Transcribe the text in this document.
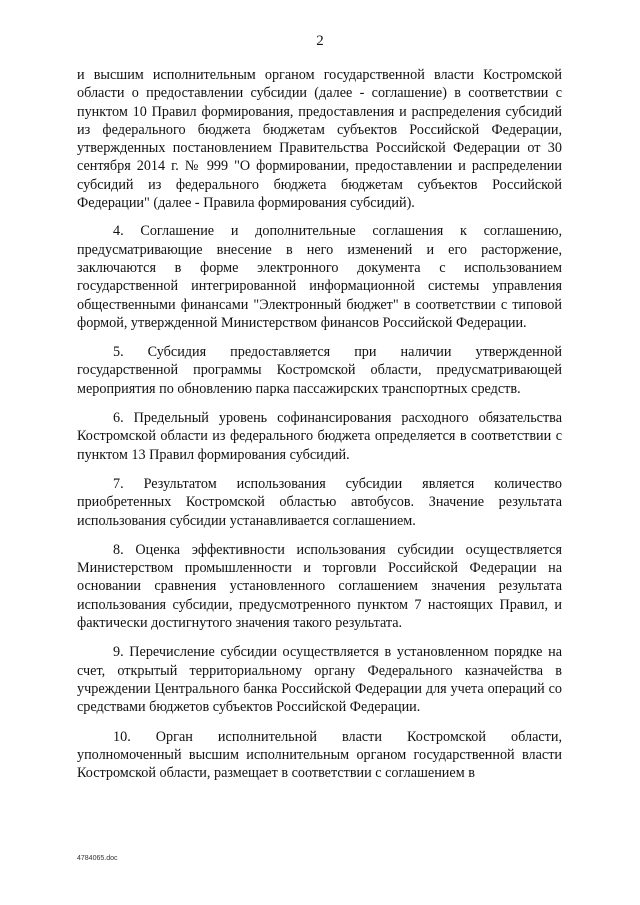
2

и высшим исполнительным органом государственной власти Костромской области о предоставлении субсидии (далее - соглашение) в соответствии с пунктом 10 Правил формирования, предоставления и распределения субсидий из федерального бюджета бюджетам субъектов Российской Федерации, утвержденных постановлением Правительства Российской Федерации от 30 сентября 2014 г. № 999 "О формировании, предоставлении и распределении субсидий из федерального бюджета бюджетам субъектов Российской Федерации" (далее - Правила формирования субсидий).

4. Соглашение и дополнительные соглашения к соглашению, предусматривающие внесение в него изменений и его расторжение, заключаются в форме электронного документа с использованием государственной интегрированной информационной системы управления общественными финансами "Электронный бюджет" в соответствии с типовой формой, утвержденной Министерством финансов Российской Федерации.

5. Субсидия предоставляется при наличии утвержденной государственной программы Костромской области, предусматривающей мероприятия по обновлению парка пассажирских транспортных средств.

6. Предельный уровень софинансирования расходного обязательства Костромской области из федерального бюджета определяется в соответствии с пунктом 13 Правил формирования субсидий.

7. Результатом использования субсидии является количество приобретенных Костромской областью автобусов. Значение результата использования субсидии устанавливается соглашением.

8. Оценка эффективности использования субсидии осуществляется Министерством промышленности и торговли Российской Федерации на основании сравнения установленного соглашением значения результата использования субсидии, предусмотренного пунктом 7 настоящих Правил, и фактически достигнутого значения такого результата.

9. Перечисление субсидии осуществляется в установленном порядке на счет, открытый территориальному органу Федерального казначейства в учреждении Центрального банка Российской Федерации для учета операций со средствами бюджетов субъектов Российской Федерации.

10. Орган исполнительной власти Костромской области, уполномоченный высшим исполнительным органом государственной власти Костромской области, размещает в соответствии с соглашением в

4784065.doc
